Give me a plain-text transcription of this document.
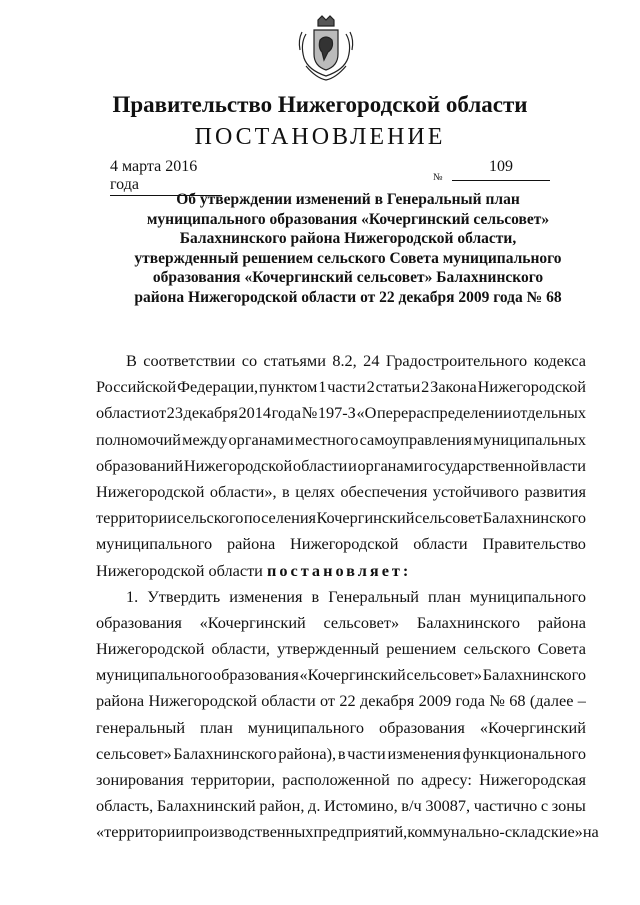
Правительство Нижегородской области
ПОСТАНОВЛЕНИЕ
4 марта 2016 года	№
109
Об утверждении изменений в Генеральный план
муниципального образования «Кочергинский сельсовет»
Балахнинского района Нижегородской области,
утвержденный решением сельского Совета муниципального
образования «Кочергинский сельсовет» Балахнинского
района Нижегородской области от 22 декабря 2009 года № 68
В соответствии со статьями 8.2, 24 Градостроительного кодекса
Российской Федерации, пунктом 1 части 2 статьи 2 Закона Нижегородской
области от 23 декабря 2014 года № 197-З «О перераспределении отдельных
полномочий между органами местного самоуправления муниципальных
образований Нижегородской области и органами государственной власти
Нижегородской области», в целях обеспечения устойчивого развития
территории сельского поселения Кочергинский сельсовет Балахнинского
муниципального района Нижегородской области Правительство
Нижегородской области
постановляет:
1. Утвердить изменения в Генеральный план муниципального
образования «Кочергинский сельсовет» Балахнинского района
Нижегородской области, утвержденный решением сельского Совета
муниципального образования «Кочергинский сельсовет» Балахнинского
района Нижегородской области от 22 декабря 2009 года № 68 (далее –
генеральный план муниципального образования «Кочергинский
сельсовет» Балахнинского района), в части изменения функционального
зонирования территории, расположенной по адресу: Нижегородская
область, Балахнинский район, д. Истомино, в/ч 30087, частично с зоны
«территории производственных предприятий, коммунально-складские» на
